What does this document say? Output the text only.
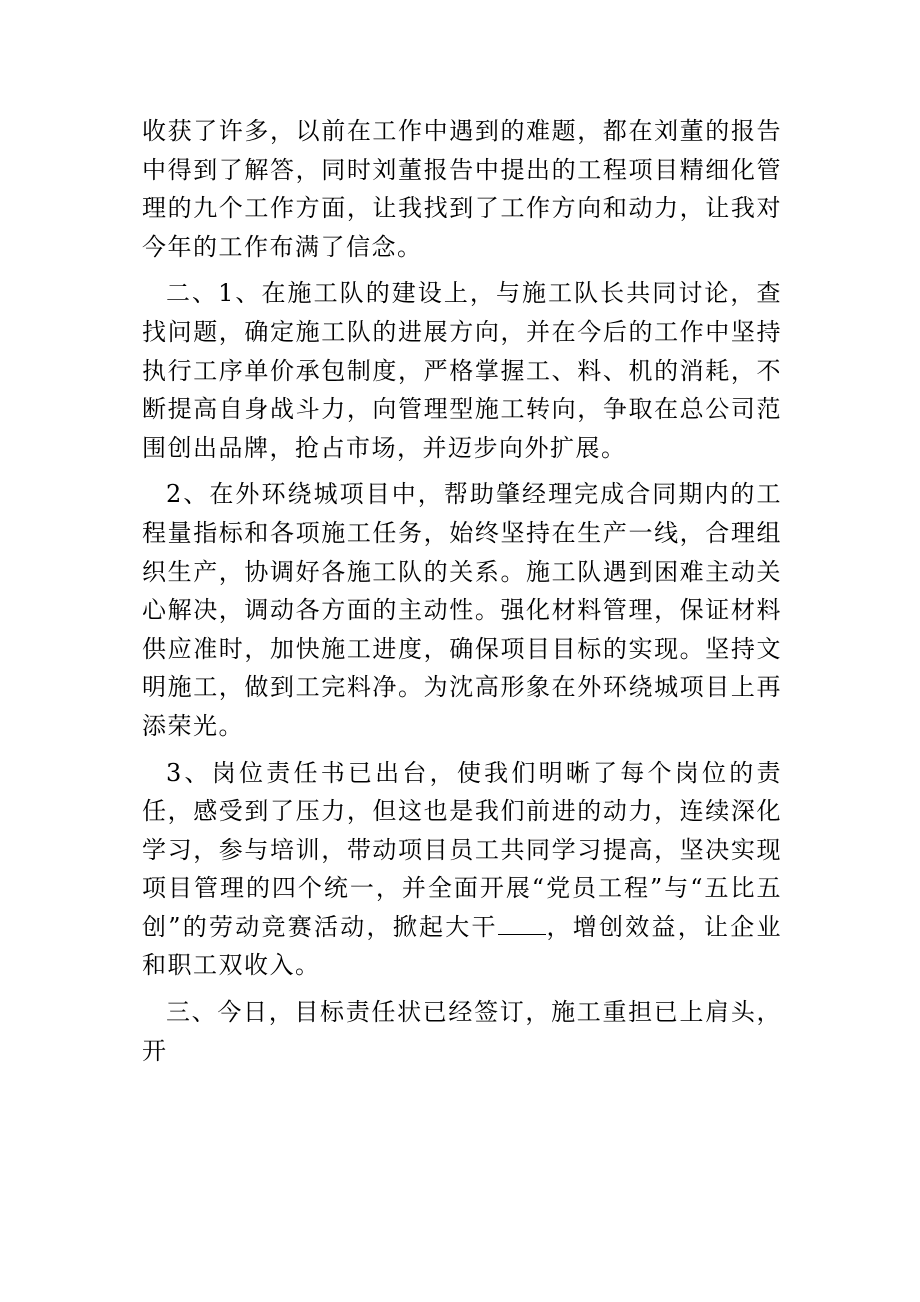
收获了许多，以前在工作中遇到的难题，都在刘董的报告中得到了解答，同时刘董报告中提出的工程项目精细化管理的九个工作方面，让我找到了工作方向和动力，让我对今年的工作布满了信念。

二、1、在施工队的建设上，与施工队长共同讨论，查找问题，确定施工队的进展方向，并在今后的工作中坚持执行工序单价承包制度，严格掌握工、料、机的消耗，不断提高自身战斗力，向管理型施工转向，争取在总公司范围创出品牌，抢占市场，并迈步向外扩展。

2、在外环绕城项目中，帮助肇经理完成合同期内的工程量指标和各项施工任务，始终坚持在生产一线，合理组织生产，协调好各施工队的关系。施工队遇到困难主动关心解决，调动各方面的主动性。强化材料管理，保证材料供应准时，加快施工进度，确保项目目标的实现。坚持文明施工，做到工完料净。为沈高形象在外环绕城项目上再添荣光。

3、岗位责任书已出台，使我们明晰了每个岗位的责任，感受到了压力，但这也是我们前进的动力，连续深化学习，参与培训，带动项目员工共同学习提高，坚决实现项目管理的四个统一，并全面开展“党员工程”与“五比五创”的劳动竞赛活动，掀起大干 ，增创效益，让企业和职工双收入。

三、今日，目标责任状已经签订，施工重担已上肩头，开
